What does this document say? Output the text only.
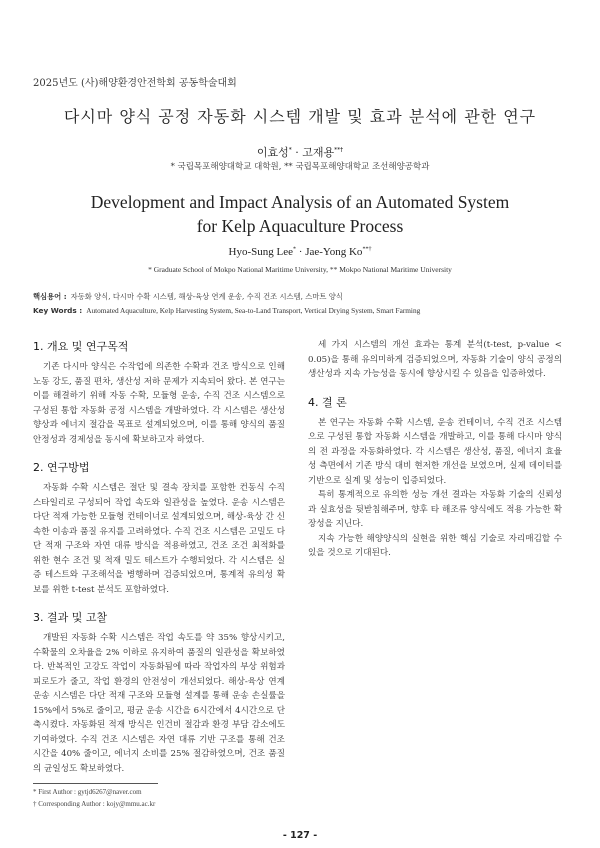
2025년도 (사)해양환경안전학회 공동학술대회
다시마 양식 공정 자동화 시스템 개발 및 효과 분석에 관한 연구
이효성* · 고재용**†
* 국립목포해양대학교 대학원, ** 국립목포해양대학교 조선해양공학과
Development and Impact Analysis of an Automated System
for Kelp Aquaculture Process
Hyo-Sung Lee* · Jae-Yong Ko**†
* Graduate School of Mokpo National Maritime University, ** Mokpo National Maritime University
핵심용어 : 자동화 양식, 다시마 수확 시스템, 해상-육상 연계 운송, 수직 건조 시스템, 스마트 양식
Key Words : Automated Aquaculture, Kelp Harvesting System, Sea-to-Land Transport, Vertical Drying System, Smart Farming
1. 개요 및 연구목적

기존 다시마 양식은 수작업에 의존한 수확과 건조 방식으로 인해 노동 강도, 품질 편차, 생산성 저하 문제가 지속되어 왔다. 본 연구는 이를 해결하기 위해 자동 수확, 모듈형 운송, 수직 건조 시스템으로 구성된 통합 자동화 공정 시스템을 개발하였다. 각 시스템은 생산성 향상과 에너지 절감을 목표로 설계되었으며, 이를 통해 양식의 품질 안정성과 경제성을 동시에 확보하고자 하였다.

2. 연구방법

자동화 수확 시스템은 절단 및 결속 장치를 포함한 컨동식 수직 스타일리로 구성되어 작업 속도와 일관성을 높였다. 운송 시스템은 다단 적재 가능한 모듈형 컨테이너로 설계되었으며, 해상-육상 간 신속한 이송과 품질 유지를 고려하였다. 수직 건조 시스템은 고밀도 다단 적재 구조와 자연 대류 방식을 적용하였고, 건조 조건 최적화를 위한 현수 조건 및 적재 밀도 테스트가 수행되었다. 각 시스템은 실증 테스트와 구조해석을 병행하며 검증되었으며, 통계적 유의성 확보를 위한 t-test 분석도 포함하였다.

3. 결과 및 고찰

개발된 자동화 수확 시스템은 작업 속도를 약 35% 향상시키고, 수확물의 오차율을 2% 이하로 유지하여 품질의 일관성을 확보하였다. 반복적인 고강도 작업이 자동화됨에 따라 작업자의 부상 위험과 피로도가 줄고, 작업 환경의 안전성이 개선되었다. 해상-육상 연계 운송 시스템은 다단 적재 구조와 모듈형 설계를 통해 운송 손실률을 15%에서 5%로 줄이고, 평균 운송 시간을 6시간에서 4시간으로 단축시켰다. 자동화된 적재 방식은 인건비 절감과 환경 부담 감소에도 기여하였다. 수직 건조 시스템은 자연 대류 기반 구조를 통해 건조 시간을 40% 줄이고, 에너지 소비를 25% 절감하였으며, 건조 품질의 균일성도 확보하였다.

세 가지 시스템의 개선 효과는 통계 분석(t-test, p-value < 0.05)을 통해 유의미하게 검증되었으며, 자동화 기술이 양식 공정의 생산성과 지속 가능성을 동시에 향상시킬 수 있음을 입증하였다.

4. 결 론

본 연구는 자동화 수확 시스템, 운송 컨테이너, 수직 건조 시스템으로 구성된 통합 자동화 시스템을 개발하고, 이를 통해 다시마 양식의 전 과정을 자동화하였다. 각 시스템은 생산성, 품질, 에너지 효율성 측면에서 기존 방식 대비 현저한 개선을 보였으며, 실제 데이터를 기반으로 실계 및 성능이 입증되었다.

특히 통계적으로 유의한 성능 개선 결과는 자동화 기술의 신뢰성과 실효성을 뒷받침해주며, 향후 타 해조류 양식에도 적용 가능한 확장성을 지닌다.

지속 가능한 해양양식의 실현을 위한 핵심 기술로 자리매김할 수 있을 것으로 기대된다.

* First Author : gytjd6267@naver.com
† Corresponding Author : kojy@mmu.ac.kr
- 127 -
